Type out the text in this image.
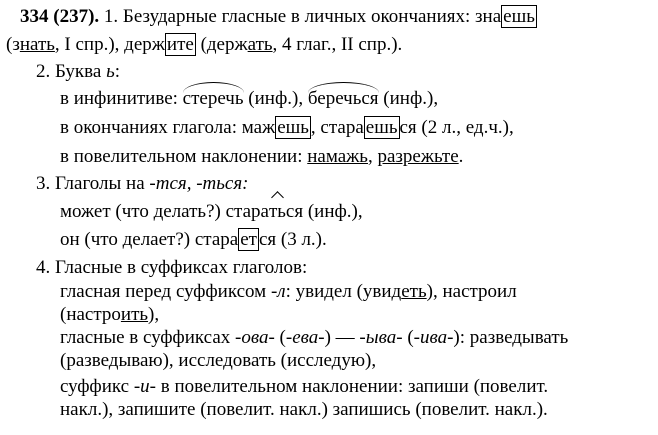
334 (237). 1. Безударные гласные в личных окончаниях: зна ешь
(знать, I спр.), держ ите (держать, 4 глаг., II спр.).
2. Буква ь:
в инфинитиве: стеречь (инф.), беречься (инф.),
в окончаниях глагола: маж ешь , стара ешь ся (2 л., ед.ч.),
в повелительном наклонении: намажь, разрежьте.
3. Глаголы на -тся, -ться:
может (что делать?) стараться (инф.),
он (что делает?) стара ет ся (3 л.).
4. Гласные в суффиксах глаголов:
гласная перед суффиксом -л: увидел (увидеть), настроил
(настроить),
гласные в суффиксах -ова- (-ева-) — -ыва- (-ива-): разведывать
(разведываю), исследовать (исследую),
суффикс -и- в повелительном наклонении: запиши (повелит.
накл.), запишите (повелит. накл.) запишись (повелит. накл.).
